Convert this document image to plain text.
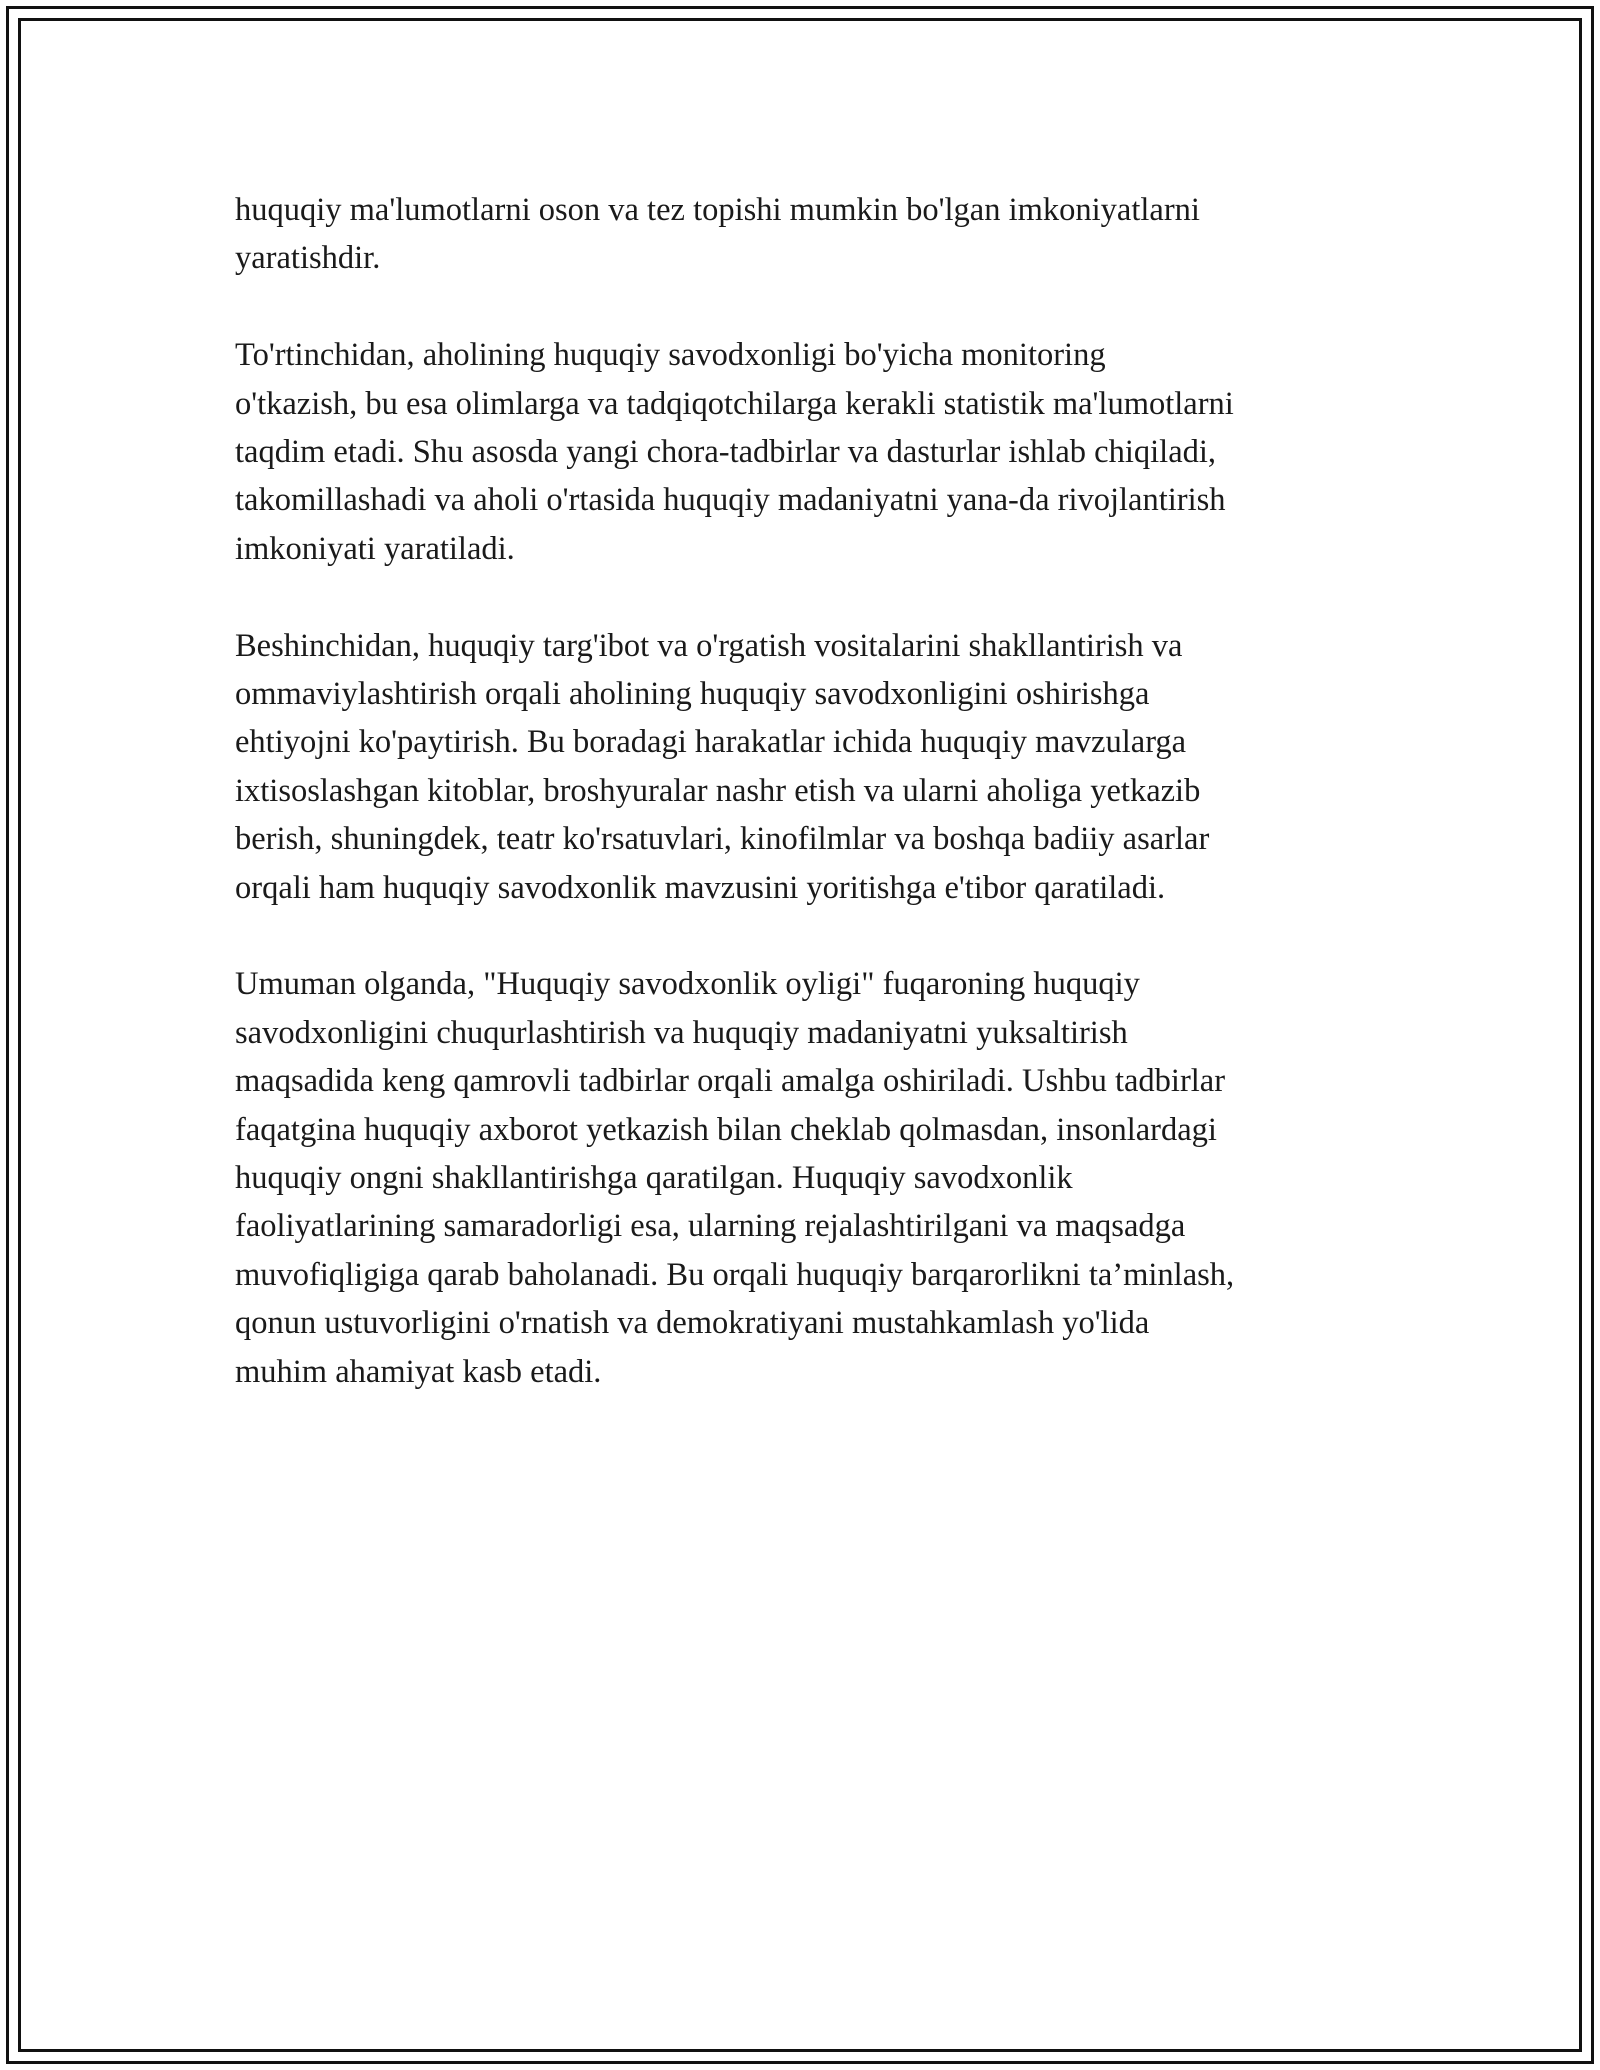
huquqiy ma'lumotlarni oson va tez topishi mumkin bo'lgan imkoniyatlarni
yaratishdir.

To'rtinchidan, aholining huquqiy savodxonligi bo'yicha monitoring
o'tkazish, bu esa olimlarga va tadqiqotchilarga kerakli statistik ma'lumotlarni
taqdim etadi. Shu asosda yangi chora-tadbirlar va dasturlar ishlab chiqiladi,
takomillashadi va aholi o'rtasida huquqiy madaniyatni yana-da rivojlantirish
imkoniyati yaratiladi.

Beshinchidan, huquqiy targ'ibot va o'rgatish vositalarini shakllantirish va
ommaviylashtirish orqali aholining huquqiy savodxonligini oshirishga
ehtiyojni ko'paytirish. Bu boradagi harakatlar ichida huquqiy mavzularga
ixtisoslashgan kitoblar, broshyuralar nashr etish va ularni aholiga yetkazib
berish, shuningdek, teatr ko'rsatuvlari, kinofilmlar va boshqa badiiy asarlar
orqali ham huquqiy savodxonlik mavzusini yoritishga e'tibor qaratiladi.

Umuman olganda, "Huquqiy savodxonlik oyligi" fuqaroning huquqiy
savodxonligini chuqurlashtirish va huquqiy madaniyatni yuksaltirish
maqsadida keng qamrovli tadbirlar orqali amalga oshiriladi. Ushbu tadbirlar
faqatgina huquqiy axborot yetkazish bilan cheklab qolmasdan, insonlardagi
huquqiy ongni shakllantirishga qaratilgan. Huquqiy savodxonlik
faoliyatlarining samaradorligi esa, ularning rejalashtirilgani va maqsadga
muvofiqligiga qarab baholanadi. Bu orqali huquqiy barqarorlikni ta’minlash,
qonun ustuvorligini o'rnatish va demokratiyani mustahkamlash yo'lida
muhim ahamiyat kasb etadi.
